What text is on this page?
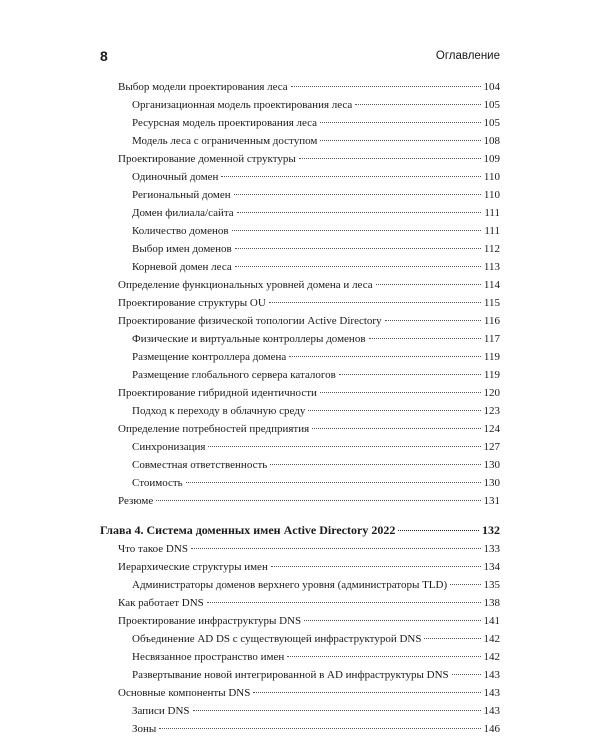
8	Оглавление
Выбор модели проектирования леса	104
Организационная модель проектирования леса	105
Ресурсная модель проектирования леса	105
Модель леса с ограниченным доступом	108
Проектирование доменной структуры	109
Одиночный домен	110
Региональный домен	110
Домен филиала/сайта	111
Количество доменов	111
Выбор имен доменов	112
Корневой домен леса	113
Определение функциональных уровней домена и леса	114
Проектирование структуры OU	115
Проектирование физической топологии Active Directory	116
Физические и виртуальные контроллеры доменов	117
Размещение контроллера домена	119
Размещение глобального сервера каталогов	119
Проектирование гибридной идентичности	120
Подход к переходу в облачную среду	123
Определение потребностей предприятия	124
Синхронизация	127
Совместная ответственность	130
Стоимость	130
Резюме	131
Глава 4. Система доменных имен Active Directory 2022	132
Что такое DNS	133
Иерархические структуры имен	134
Администраторы доменов верхнего уровня (администраторы TLD)	135
Как работает DNS	138
Проектирование инфраструктуры DNS	141
Объединение AD DS с существующей инфраструктурой DNS	142
Несвязанное пространство имен	142
Развертывание новой интегрированной в AD инфраструктуры DNS	143
Основные компоненты DNS	143
Записи DNS	143
Зоны	146
